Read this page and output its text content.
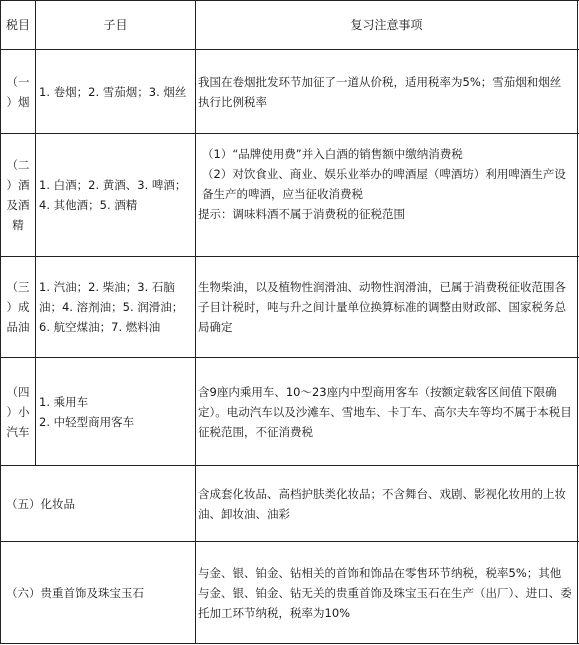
税目	子目	复习注意事项
（一
）烟
1. 卷烟；2. 雪茄烟；3. 烟丝
我国在卷烟批发环节加征了一道从价税，适用税率为5%；雪茄烟和烟丝执行比例税率
（二
）酒
及酒
精
1. 白酒；2. 黄酒、3. 啤酒；4. 其他酒；5. 酒精
（1）“品牌使用费”并入白酒的销售额中缴纳消费税
（2）对饮食业、商业、娱乐业举办的啤酒屋（啤酒坊）利用啤酒生产设备生产的啤酒，应当征收消费税
提示：调味料酒不属于消费税的征税范围
（三
）成
品油
1. 汽油；2. 柴油；3. 石脑油；4. 溶剂油；5. 润滑油；6. 航空煤油；7. 燃料油
生物柴油，以及植物性润滑油、动物性润滑油，已属于消费税征收范围各子目计税时，吨与升之间计量单位换算标准的调整由财政部、国家税务总局确定
（四
）小
汽车
1. 乘用车
2. 中轻型商用客车
含9座内乘用车、10～23座内中型商用客车（按额定载客区间值下限确定）。电动汽车以及沙滩车、雪地车、卡丁车、高尔夫车等均不属于本税目征税范围，不征消费税
（五）化妆品
含成套化妆品、高档护肤类化妆品；不含舞台、戏剧、影视化妆用的上妆油、卸妆油、油彩
（六）贵重首饰及珠宝玉石
与金、银、铂金、钻相关的首饰和饰品在零售环节纳税，税率5%；其他与金、银、铂金、钻无关的贵重首饰及珠宝玉石在生产（出厂）、进口、委托加工环节纳税，税率为10%
